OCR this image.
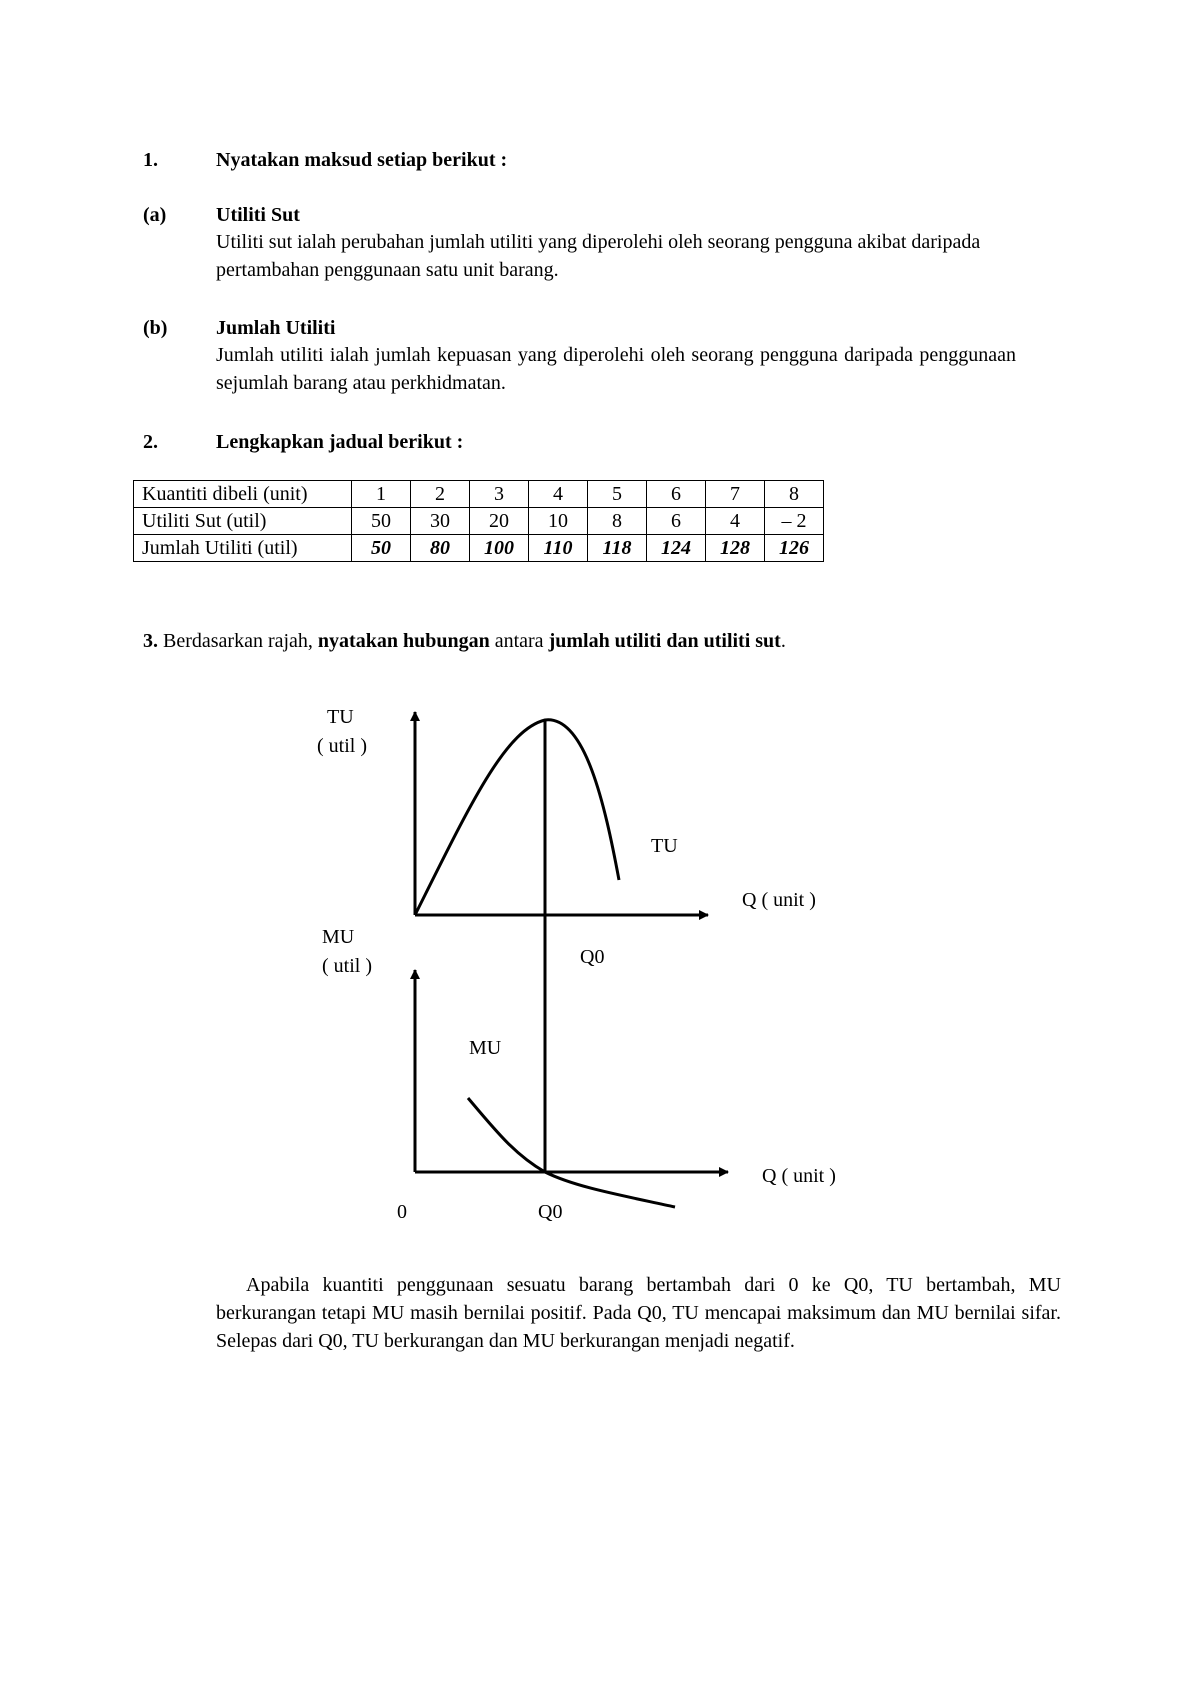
1.	Nyatakan maksud setiap berikut :
(a) Utiliti Sut
Utiliti sut ialah perubahan jumlah utiliti yang diperolehi oleh seorang pengguna akibat daripada pertambahan penggunaan satu unit barang.
(b) Jumlah Utiliti
Jumlah utiliti ialah jumlah kepuasan yang diperolehi oleh seorang pengguna daripada penggunaan sejumlah barang atau perkhidmatan.
2.	Lengkapkan jadual berikut :
Kuantiti dibeli (unit)	1	2	3	4	5	6	7	8
Utiliti Sut (util)	50	30	20	10	8	6	4	– 2
Jumlah Utiliti (util)	50	80	100	110	118	124	128	126
3. Berdasarkan rajah, nyatakan hubungan antara jumlah utiliti dan utiliti sut.
TU
( util )
TU
Q ( unit )
MU
( util )	Q0
MU
Q ( unit )
0	Q0
Apabila kuantiti penggunaan sesuatu barang bertambah dari 0 ke Q0, TU bertambah, MU berkurangan tetapi MU masih bernilai positif. Pada Q0, TU mencapai maksimum dan MU bernilai sifar. Selepas dari Q0, TU berkurangan dan MU berkurangan menjadi negatif.
